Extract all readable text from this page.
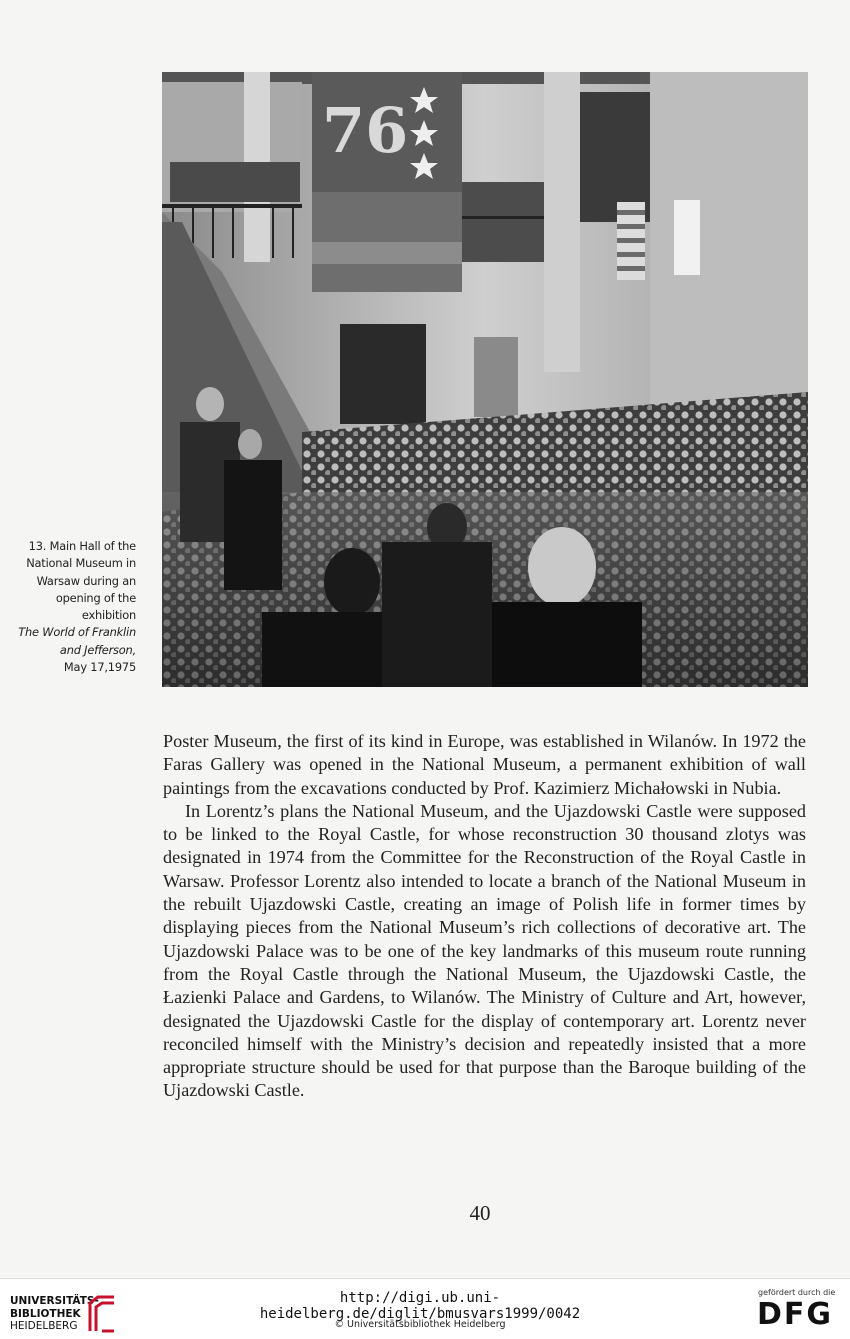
76
13. Main Hall of the
National Museum in
Warsaw during an
opening of the
exhibition
The World of Franklin
and Jefferson,
May 17,1975

Poster Museum, the first of its kind in Europe, was established in Wilanów. In 1972 the Faras Gallery was opened in the National Museum, a permanent exhibition of wall paintings from the excavations conducted by Prof. Kazimierz Michałowski in Nubia.

In Lorentz’s plans the National Museum, and the Ujazdowski Castle were supposed to be linked to the Royal Castle, for whose reconstruction 30 thousand zlotys was designated in 1974 from the Committee for the Reconstruction of the Royal Castle in Warsaw. Professor Lorentz also intended to locate a branch of the National Museum in the rebuilt Ujazdowski Castle, creating an image of Polish life in former times by displaying pieces from the National Museum’s rich collections of decorative art. The Ujazdowski Palace was to be one of the key landmarks of this museum route running from the Royal Castle through the National Museum, the Ujazdowski Castle, the Łazienki Palace and Gardens, to Wilanów. The Ministry of Culture and Art, however, designated the Ujazdowski Castle for the display of contemporary art. Lorentz never reconciled himself with the Ministry’s decision and repeatedly insisted that a more appropriate structure should be used for that purpose than the Baroque building of the Ujazdowski Castle.

40
UNIVERSITÄTS-
BIBLIOTHEK
HEIDELBERG
http://digi.ub.uni-heidelberg.de/diglit/bmusvars1999/0042
© Universitätsbibliothek Heidelberg
gefördert durch die
DFG
